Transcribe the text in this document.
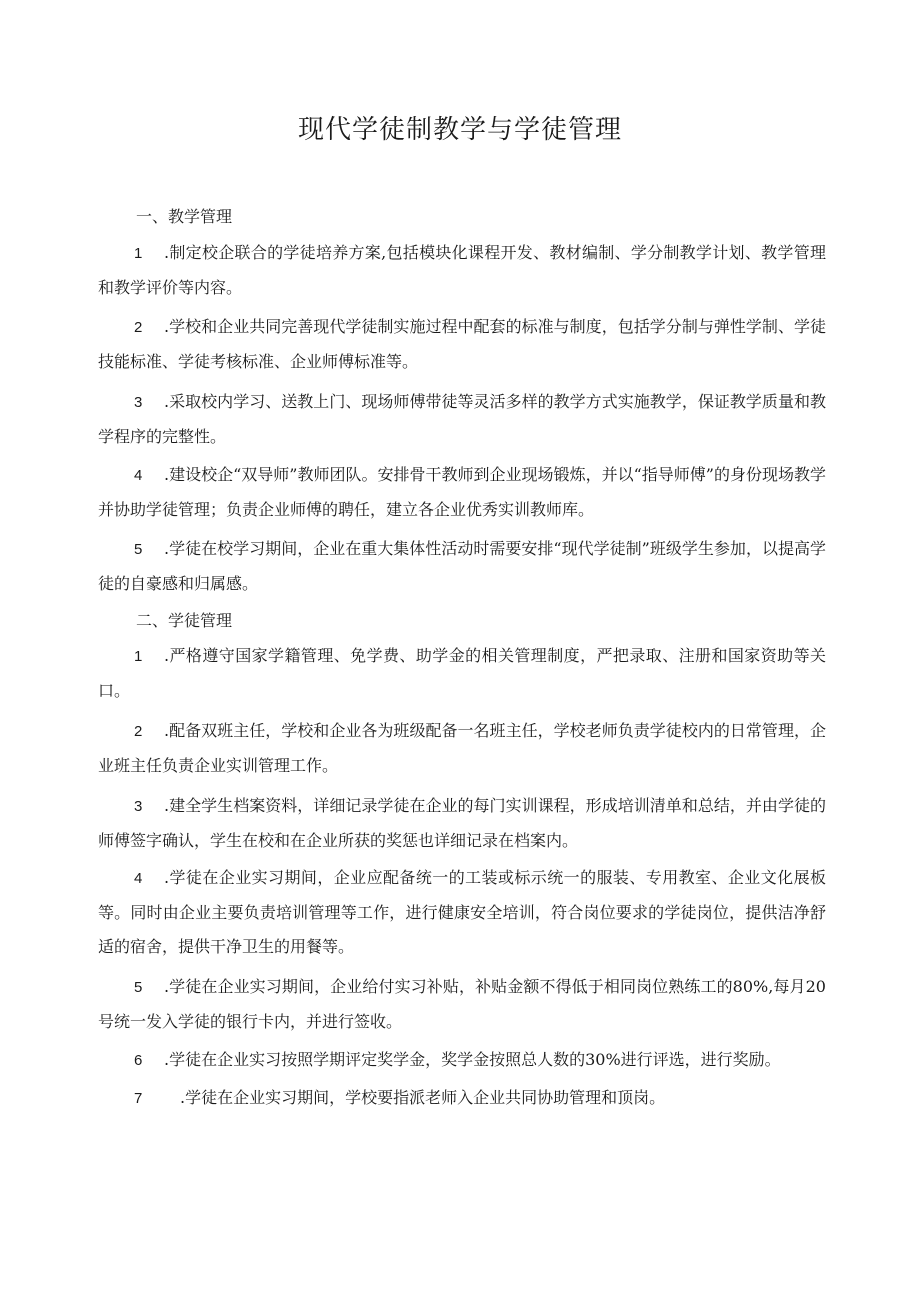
现代学徒制教学与学徒管理

一、教学管理

1 .制定校企联合的学徒培养方案,包括模块化课程开发、教材编制、学分制教学计划、教学管理和教学评价等内容。

2 .学校和企业共同完善现代学徒制实施过程中配套的标准与制度，包括学分制与弹性学制、学徒技能标准、学徒考核标准、企业师傅标准等。

3 .采取校内学习、送教上门、现场师傅带徒等灵活多样的教学方式实施教学，保证教学质量和教学程序的完整性。

4 .建设校企“双导师”教师团队。安排骨干教师到企业现场锻炼，并以“指导师傅”的身份现场教学并协助学徒管理；负责企业师傅的聘任，建立各企业优秀实训教师库。

5 .学徒在校学习期间，企业在重大集体性活动时需要安排“现代学徒制”班级学生参加，以提高学徒的自豪感和归属感。

二、学徒管理

1 .严格遵守国家学籍管理、免学费、助学金的相关管理制度，严把录取、注册和国家资助等关口。

2 .配备双班主任，学校和企业各为班级配备一名班主任，学校老师负责学徒校内的日常管理，企业班主任负责企业实训管理工作。

3 .建全学生档案资料，详细记录学徒在企业的每门实训课程，形成培训清单和总结，并由学徒的师傅签字确认，学生在校和在企业所获的奖惩也详细记录在档案内。

4 .学徒在企业实习期间，企业应配备统一的工装或标示统一的服装、专用教室、企业文化展板等。同时由企业主要负责培训管理等工作，进行健康安全培训，符合岗位要求的学徒岗位，提供洁净舒适的宿舍，提供干净卫生的用餐等。

5 .学徒在企业实习期间，企业给付实习补贴，补贴金额不得低于相同岗位熟练工的80%,每月20号统一发入学徒的银行卡内，并进行签收。

6 .学徒在企业实习按照学期评定奖学金，奖学金按照总人数的30%进行评选，进行奖励。

7 .学徒在企业实习期间，学校要指派老师入企业共同协助管理和顶岗。
